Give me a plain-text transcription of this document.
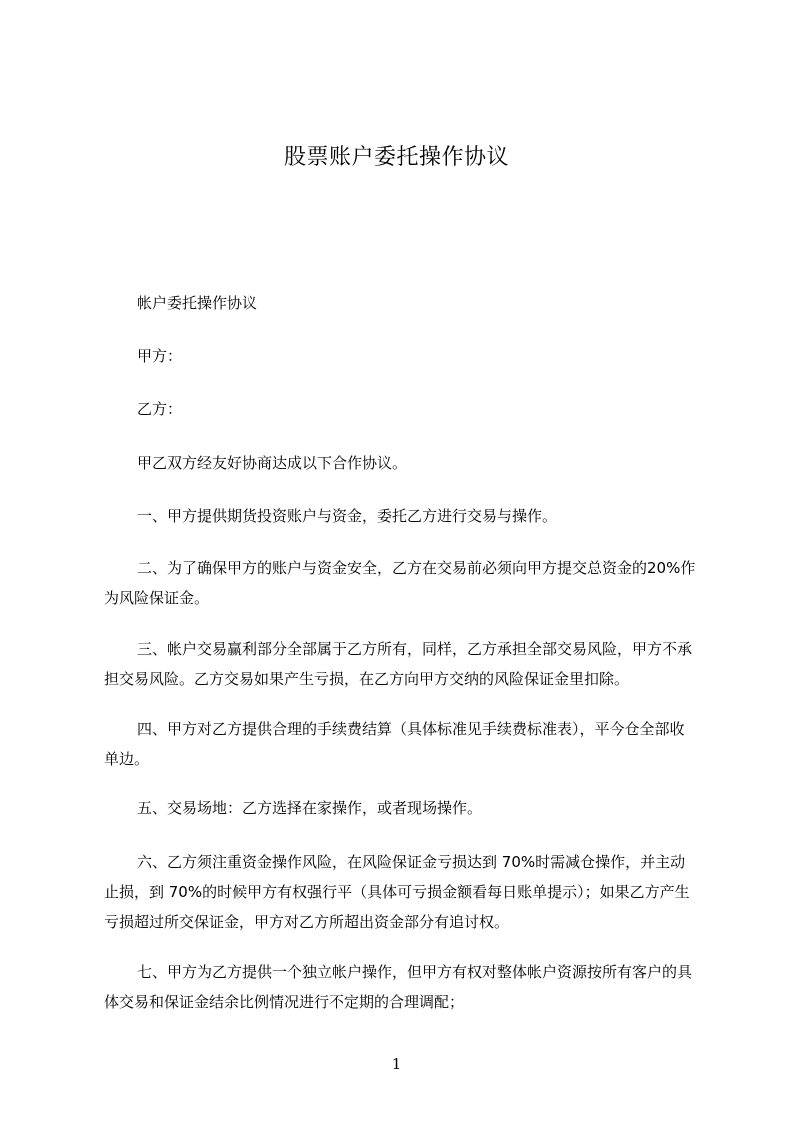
股票账户委托操作协议

帐户委托操作协议

甲方：

乙方：

甲乙双方经友好协商达成以下合作协议。

一、甲方提供期货投资账户与资金，委托乙方进行交易与操作。

二、为了确保甲方的账户与资金安全，乙方在交易前必须向甲方提交总资金的20%作为风险保证金。

三、帐户交易赢利部分全部属于乙方所有，同样，乙方承担全部交易风险，甲方不承担交易风险。乙方交易如果产生亏损，在乙方向甲方交纳的风险保证金里扣除。

四、甲方对乙方提供合理的手续费结算（具体标准见手续费标准表），平今仓全部收单边。

五、交易场地：乙方选择在家操作，或者现场操作。

六、乙方须注重资金操作风险，在风险保证金亏损达到 70%时需减仓操作，并主动止损，到 70%的时候甲方有权强行平（具体可亏损金额看每日账单提示）；如果乙方产生亏损超过所交保证金，甲方对乙方所超出资金部分有追讨权。

七、甲方为乙方提供一个独立帐户操作，但甲方有权对整体帐户资源按所有客户的具体交易和保证金结余比例情况进行不定期的合理调配；

1
